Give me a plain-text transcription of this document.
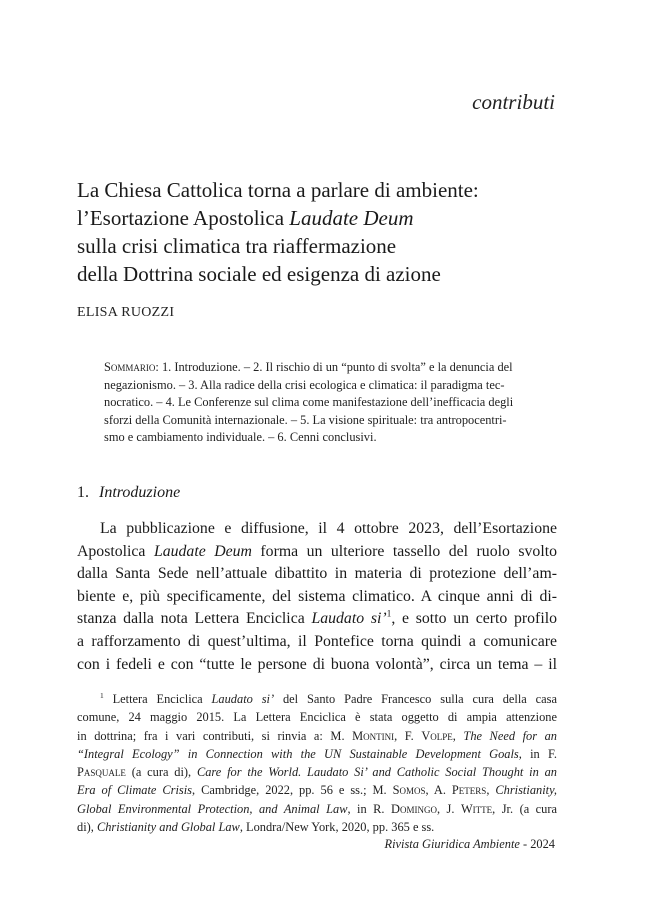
contributi
La Chiesa Cattolica torna a parlare di ambiente:
l’Esortazione Apostolica Laudate Deum
sulla crisi climatica tra riaffermazione
della Dottrina sociale ed esigenza di azione
ELISA RUOZZI
Sommario: 1. Introduzione. – 2. Il rischio di un “punto di svolta” e la denuncia del
negazionismo. – 3. Alla radice della crisi ecologica e climatica: il paradigma tec-
nocratico. – 4. Le Conferenze sul clima come manifestazione dell’inefficacia degli
sforzi della Comunità internazionale. – 5. La visione spirituale: tra antropocentri-
smo e cambiamento individuale. – 6. Cenni conclusivi.
1. Introduzione
La pubblicazione e diffusione, il 4 ottobre 2023, dell’Esortazione
Apostolica Laudate Deum forma un ulteriore tassello del ruolo svolto
dalla Santa Sede nell’attuale dibattito in materia di protezione dell’am-
biente e, più specificamente, del sistema climatico. A cinque anni di di-
stanza dalla nota Lettera Enciclica Laudato si’$^1$, e sotto un certo profilo
a rafforzamento di quest’ultima, il Pontefice torna quindi a comunicare
con i fedeli e con “tutte le persone di buona volontà”, circa un tema – il
$^1$ Lettera Enciclica Laudato si’ del Santo Padre Francesco sulla cura della casa
comune, 24 maggio 2015. La Lettera Enciclica è stata oggetto di ampia attenzione
in dottrina; fra i vari contributi, si rinvia a: M. Montini, F. Volpe, The Need for an
“Integral Ecology” in Connection with the UN Sustainable Development Goals, in F.
Pasquale (a cura di), Care for the World. Laudato Si’ and Catholic Social Thought in an
Era of Climate Crisis, Cambridge, 2022, pp. 56 e ss.; M. Somos, A. Peters, Christianity,
Global Environmental Protection, and Animal Law, in R. Domingo, J. Witte, Jr. (a cura
di), Christianity and Global Law, Londra/New York, 2020, pp. 365 e ss.
Rivista Giuridica Ambiente - 2024
